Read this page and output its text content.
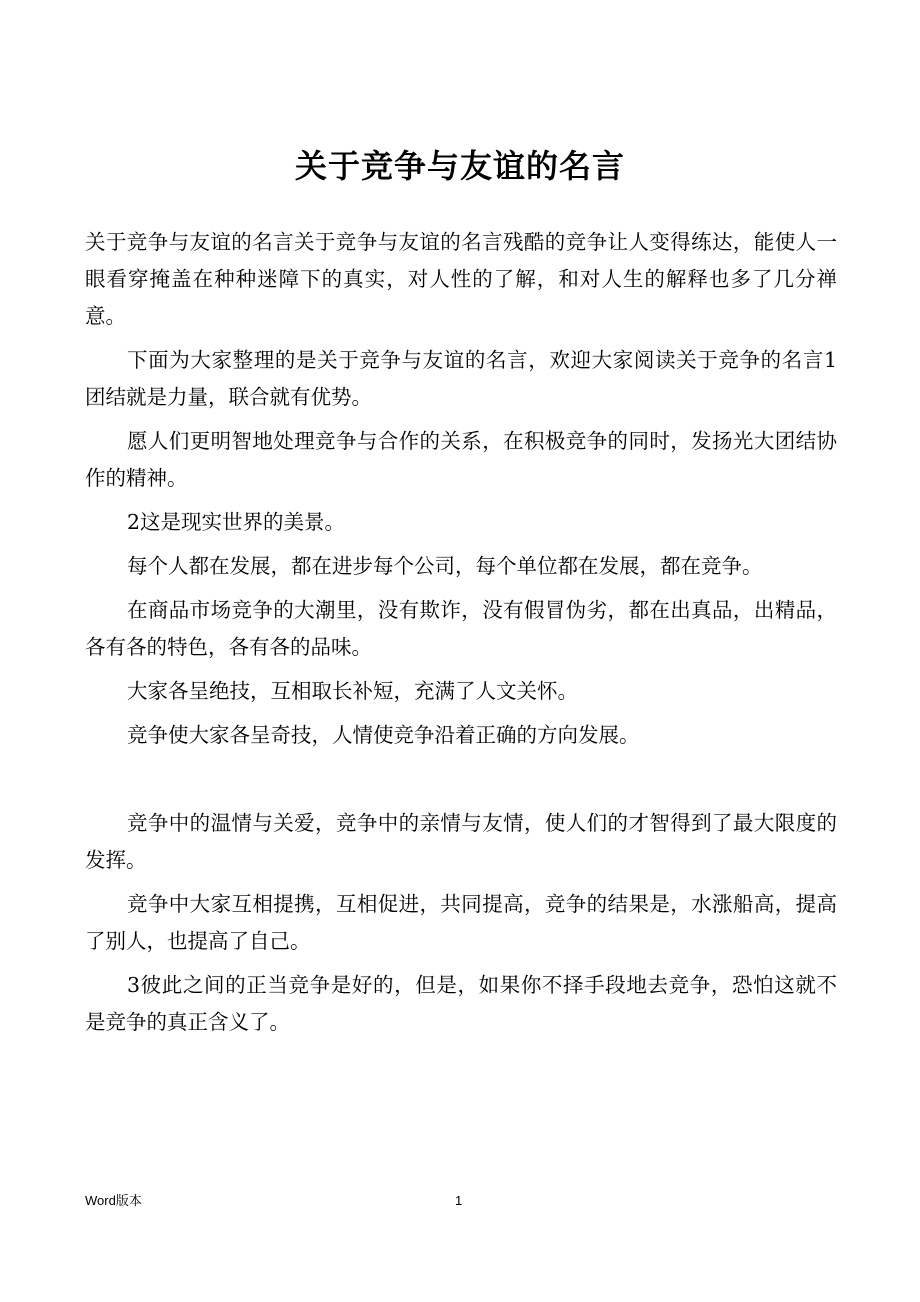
关于竞争与友谊的名言

关于竞争与友谊的名言关于竞争与友谊的名言残酷的竞争让人变得练达，能使人一眼看穿掩盖在种种迷障下的真实，对人性的了解，和对人生的解释也多了几分禅意。

下面为大家整理的是关于竞争与友谊的名言，欢迎大家阅读关于竞争的名言1团结就是力量，联合就有优势。

愿人们更明智地处理竞争与合作的关系，在积极竞争的同时，发扬光大团结协作的精神。

2这是现实世界的美景。

每个人都在发展，都在进步每个公司，每个单位都在发展，都在竞争。

在商品市场竞争的大潮里，没有欺诈，没有假冒伪劣，都在出真品，出精品，各有各的特色，各有各的品味。

大家各呈绝技，互相取长补短，充满了人文关怀。

竞争使大家各呈奇技，人情使竞争沿着正确的方向发展。

竞争中的温情与关爱，竞争中的亲情与友情，使人们的才智得到了最大限度的发挥。

竞争中大家互相提携，互相促进，共同提高，竞争的结果是，水涨船高，提高了别人，也提高了自己。

3彼此之间的正当竞争是好的，但是，如果你不择手段地去竞争，恐怕这就不是竞争的真正含义了。

Word版本	1
